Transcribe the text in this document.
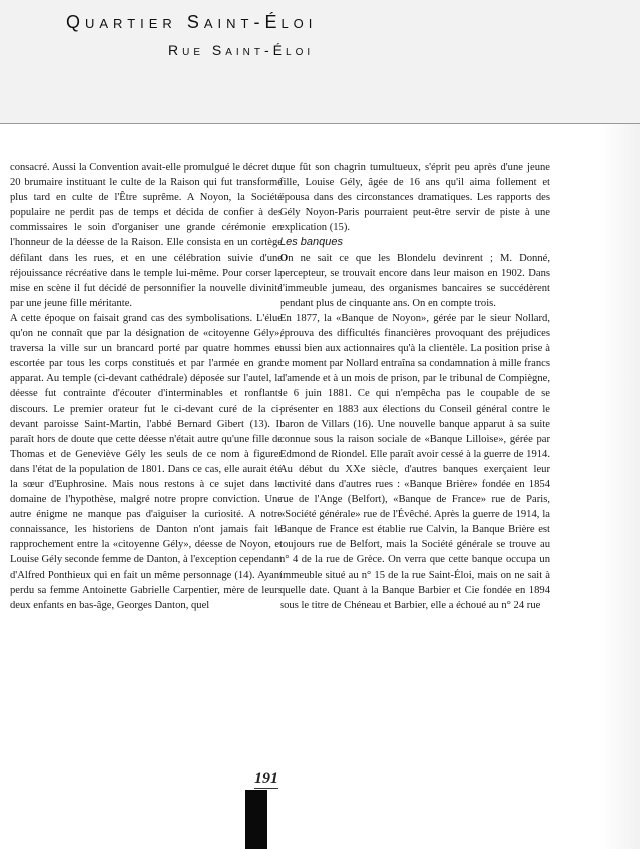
Quartier Saint-Éloi
Rue Saint-Éloi

consacré. Aussi la Convention avait-elle promulgué le décret du 20 brumaire instituant le culte de la Raison qui fut transformé plus tard en culte de l'Être suprême. A Noyon, la Société populaire ne perdit pas de temps et décida de confier à des commissaires le soin d'organiser une grande cérémonie en l'honneur de la déesse de la Raison. Elle consista en un cortège défilant dans les rues, et en une célébration suivie d'une réjouissance récréative dans le temple lui-même. Pour corser la mise en scène il fut décidé de personnifier la nouvelle divinité par une jeune fille méritante.

A cette époque on faisait grand cas des symbolisations. L'élue qu'on ne connaît que par la désignation de «citoyenne Gély», traversa la ville sur un brancard porté par quatre hommes et escortée par tous les corps constitués et par l'armée en grand apparat. Au temple (ci-devant cathédrale) déposée sur l'autel, la déesse fut contrainte d'écouter d'interminables et ronflants discours. Le premier orateur fut le ci-devant curé de la ci-devant paroisse Saint-Martin, l'abbé Bernard Gibert (13). Il paraît hors de doute que cette déesse n'était autre qu'une fille de Thomas et de Geneviève Gély les seuls de ce nom à figurer dans l'état de la population de 1801. Dans ce cas, elle aurait été la sœur d'Euphrosine. Mais nous restons à ce sujet dans le domaine de l'hypothèse, malgré notre propre conviction. Une autre énigme ne manque pas d'aiguiser la curiosité. A notre connaissance, les historiens de Danton n'ont jamais fait le rapprochement entre la «citoyenne Gély», déesse de Noyon, et Louise Gély seconde femme de Danton, à l'exception cependant d'Alfred Ponthieux qui en fait un même personnage (14). Ayant perdu sa femme Antoinette Gabrielle Carpentier, mère de leurs deux enfants en bas-âge, Georges Danton, quel

que fût son chagrin tumultueux, s'éprit peu après d'une jeune fille, Louise Gély, âgée de 16 ans qu'il aima follement et épousa dans des circonstances dramatiques. Les rapports des Gély Noyon-Paris pourraient peut-être servir de piste à une explication (15).

Les banques

On ne sait ce que les Blondelu devinrent ; M. Donné, percepteur, se trouvait encore dans leur maison en 1902. Dans l'immeuble jumeau, des organismes bancaires se succédèrent pendant plus de cinquante ans. On en compte trois.

En 1877, la «Banque de Noyon», gérée par le sieur Nollard, éprouva des difficultés financières provoquant des préjudices aussi bien aux actionnaires qu'à la clientèle. La position prise à ce moment par Nollard entraîna sa condamnation à mille francs d'amende et à un mois de prison, par le tribunal de Compiègne, le 6 juin 1881. Ce qui n'empêcha pas le coupable de se présenter en 1883 aux élections du Conseil général contre le baron de Villars (16). Une nouvelle banque apparut à sa suite connue sous la raison sociale de «Banque Lilloise», gérée par Edmond de Riondel. Elle paraît avoir cessé à la guerre de 1914. Au début du XXe siècle, d'autres banques exerçaient leur activité dans d'autres rues : «Banque Brière» fondée en 1854 rue de l'Ange (Belfort), «Banque de France» rue de Paris, «Société générale» rue de l'Évêché. Après la guerre de 1914, la Banque de France est établie rue Calvin, la Banque Brière est toujours rue de Belfort, mais la Société générale se trouve au n° 4 de la rue de Grèce. On verra que cette banque occupa un immeuble situé au n° 15 de la rue Saint-Éloi, mais on ne sait à quelle date. Quant à la Banque Barbier et Cie fondée en 1894 sous le titre de Chéneau et Barbier, elle a échoué au n° 24 rue

191
